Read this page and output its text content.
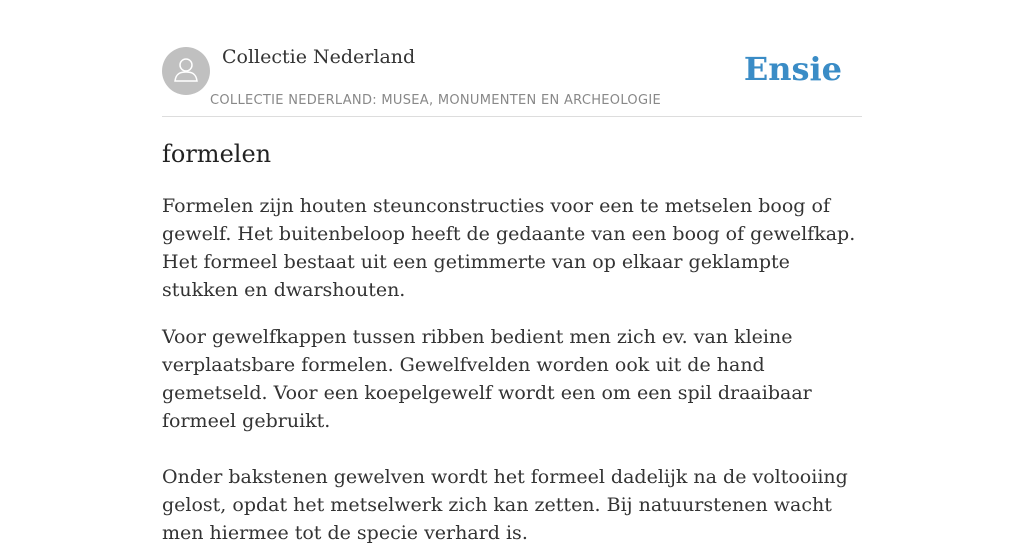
Collectie Nederland
COLLECTIE NEDERLAND: MUSEA, MONUMENTEN EN ARCHEOLOGIE
Ensie
formelen

Formelen zijn houten steunconstructies voor een te metselen boog of gewelf. Het buitenbeloop heeft de gedaante van een boog of gewelfkap. Het formeel bestaat uit een getimmerte van op elkaar geklampte stukken en dwarshouten.

Voor gewelfkappen tussen ribben bedient men zich ev. van kleine verplaatsbare formelen. Gewelfvelden worden ook uit de hand gemetseld. Voor een koepelgewelf wordt een om een spil draaibaar formeel gebruikt.

Onder bakstenen gewelven wordt het formeel dadelijk na de voltooiing gelost, opdat het metselwerk zich kan zetten. Bij natuurstenen wacht men hiermee tot de specie verhard is.
